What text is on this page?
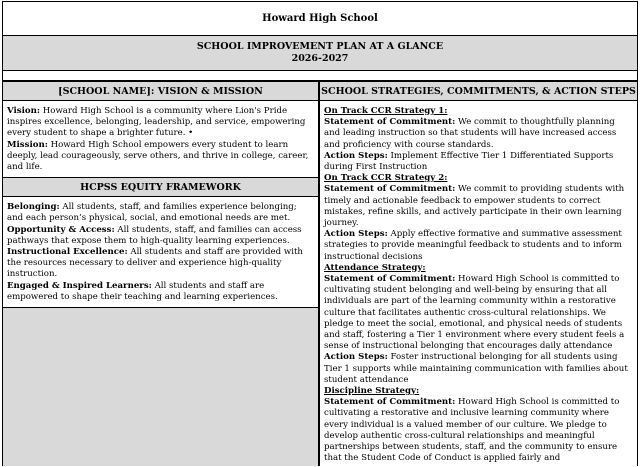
Howard High School
SCHOOL IMPROVEMENT PLAN AT A GLANCE
2026-2027
[SCHOOL NAME]: VISION & MISSION

Vision: Howard High School is a community where Lion's Pride inspires excellence, belonging, leadership, and service, empowering every student to shape a brighter future. •

Mission: Howard High School empowers every student to learn deeply, lead courageously, serve others, and thrive in college, career, and life.

HCPSS EQUITY FRAMEWORK

Belonging: All students, staff, and families experience belonging; and each person’s physical, social, and emotional needs are met.

Opportunity & Access: All students, staff, and families can access pathways that expose them to high-quality learning experiences.

Instructional Excellence: All students and staff are provided with the resources necessary to deliver and experience high-quality instruction.

Engaged & Inspired Learners: All students and staff are empowered to shape their teaching and learning experiences.

SCHOOL STRATEGIES, COMMITMENTS, & ACTION STEPS

On Track CCR Strategy 1:

Statement of Commitment: We commit to thoughtfully planning and leading instruction so that students will have increased access and proficiency with course standards.

Action Steps: Implement Effective Tier 1 Differentiated Supports during First Instruction

On Track CCR Strategy 2:

Statement of Commitment: We commit to providing students with timely and actionable feedback to empower students to correct mistakes, refine skills, and actively participate in their own learning journey.

Action Steps: Apply effective formative and summative assessment strategies to provide meaningful feedback to students and to inform instructional decisions

Attendance Strategy:

Statement of Commitment: Howard High School is committed to cultivating student belonging and well-being by ensuring that all individuals are part of the learning community within a restorative culture that facilitates authentic cross-cultural relationships. We pledge to meet the social, emotional, and physical needs of students and staff, fostering a Tier 1 environment where every student feels a sense of instructional belonging that encourages daily attendance

Action Steps: Foster instructional belonging for all students using Tier 1 supports while maintaining communication with families about student attendance

Discipline Strategy:

Statement of Commitment: Howard High School is committed to cultivating a restorative and inclusive learning community where every individual is a valued member of our culture. We pledge to develop authentic cross-cultural relationships and meaningful partnerships between students, staff, and the community to ensure that the Student Code of Conduct is applied fairly and
